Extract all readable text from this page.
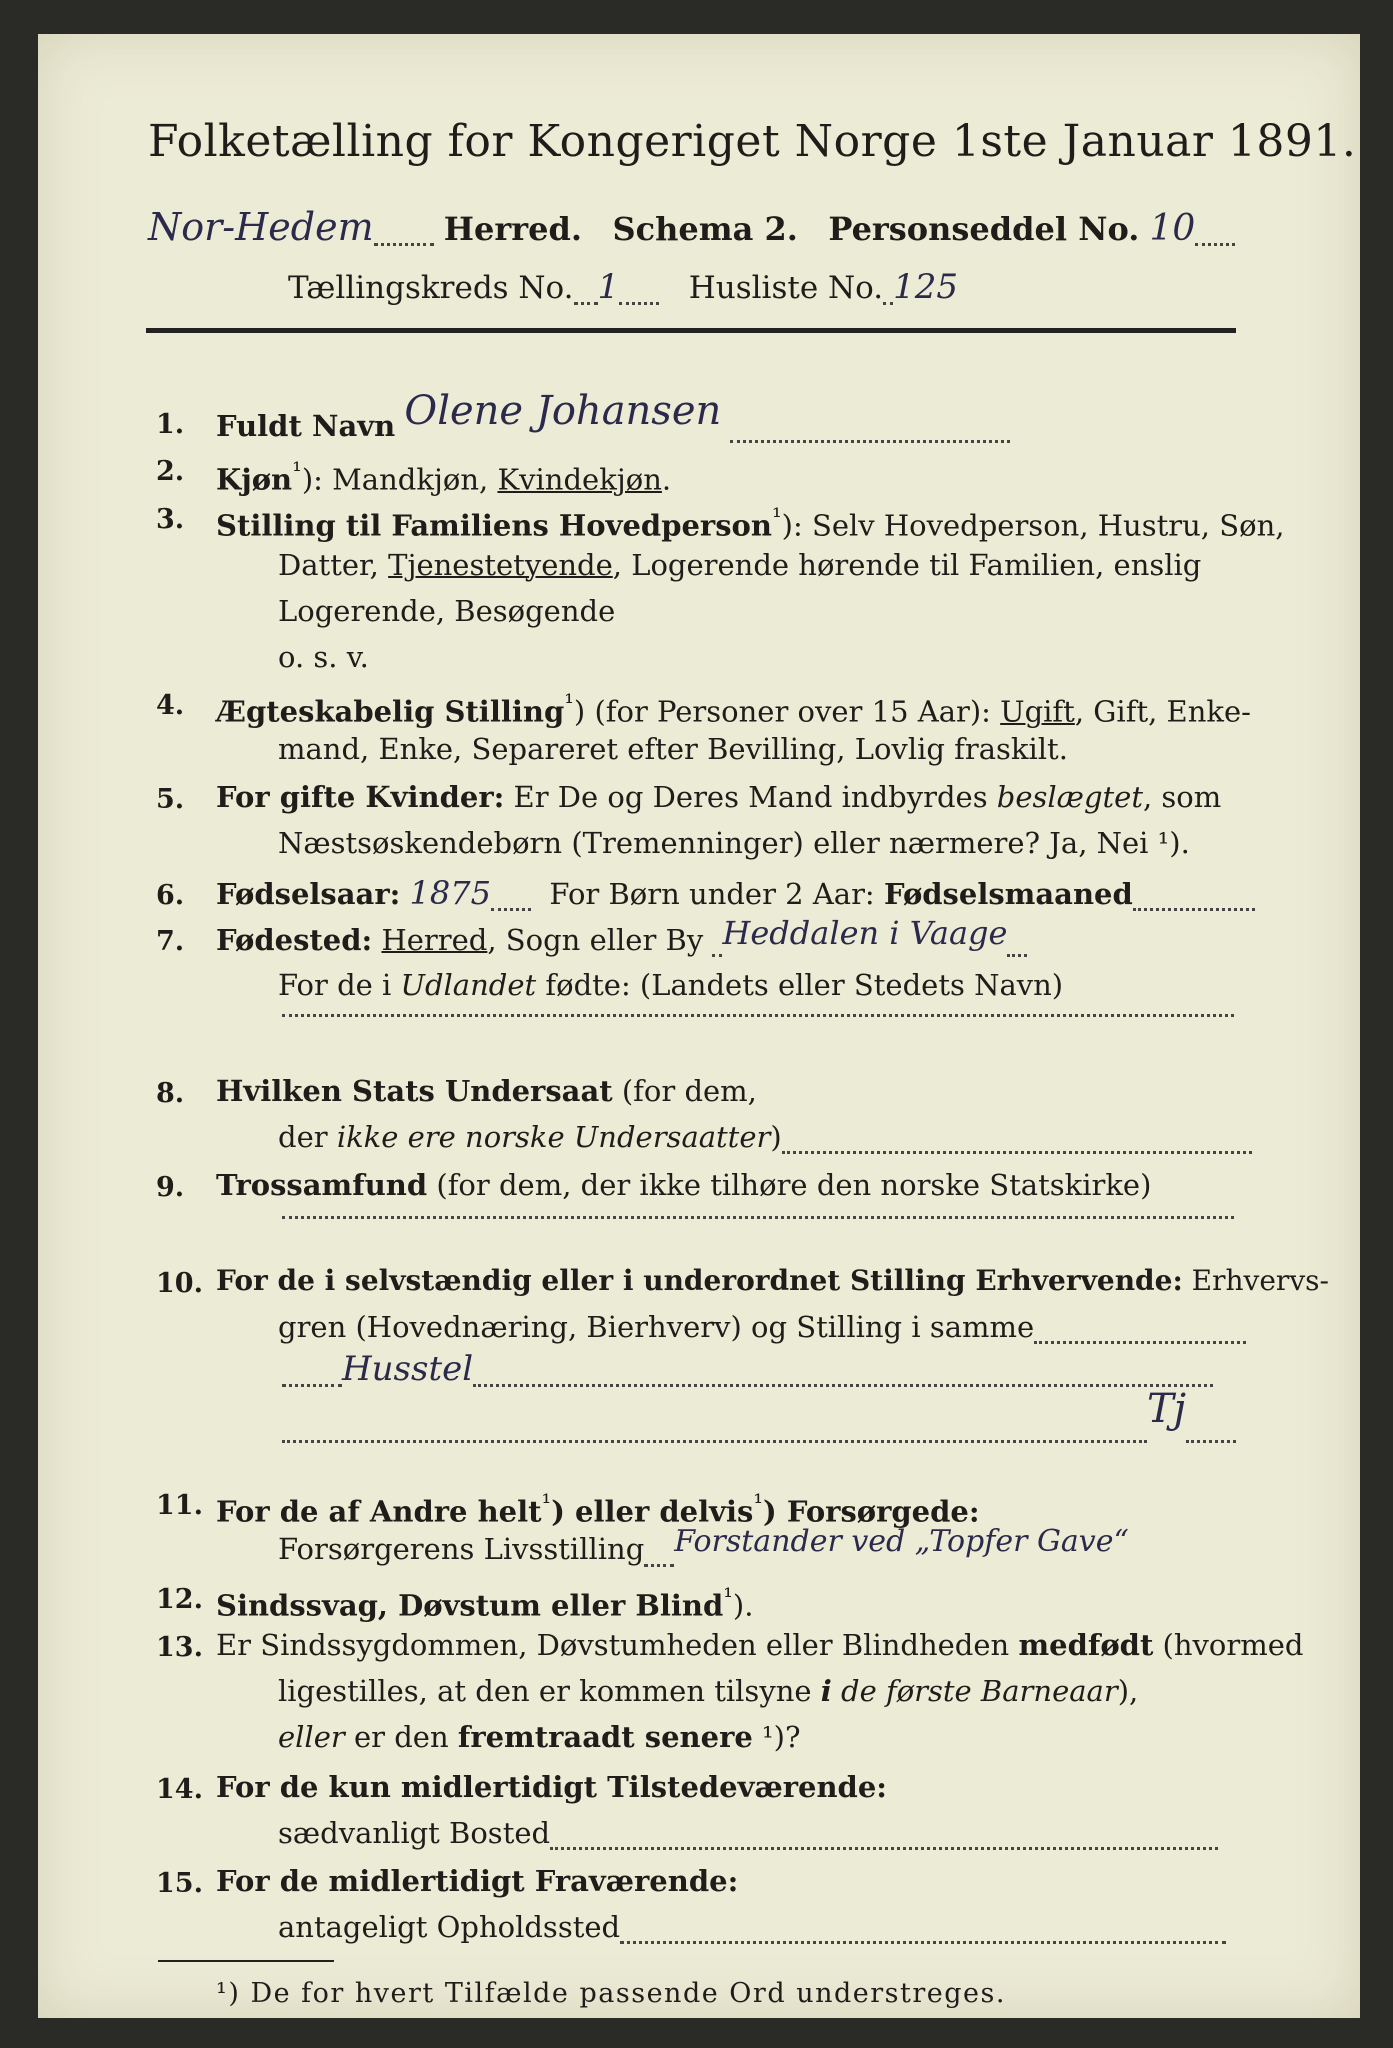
Folketælling for Kongeriget Norge 1ste Januar 1891.
Nor-Hedem Herred. Schema 2. Personseddel No. 10
Tællingskreds No. 1 Husliste No. 125
1. Fuldt Navn Olene Johansen
2. Kjøn$^{^1}$): Mandkjøn, Kvindekjøn.
3. Stilling til Familiens Hovedperson$^{^1}$): Selv Hovedperson, Hustru, Søn,
Datter, Tjenestetyende, Logerende hørende til Familien, enslig
Logerende, Besøgende
o. s. v.
4. Ægteskabelig Stilling$^{^1}$) (for Personer over 15 Aar): Ugift, Gift, Enke-
mand, Enke, Separeret efter Bevilling, Lovlig fraskilt.
5. For gifte Kvinder: Er De og Deres Mand indbyrdes beslægtet, som
Næstsøskendebørn (Tremenninger) eller nærmere? Ja, Nei ¹).
6. Fødselsaar: 1875 For Børn under 2 Aar: Fødselsmaaned
7. Fødested: Herred, Sogn eller By Heddalen i Vaage
For de i Udlandet fødte: (Landets eller Stedets Navn)
8. Hvilken Stats Undersaat (for dem,
der ikke ere norske Undersaatter)
9. Trossamfund (for dem, der ikke tilhøre den norske Statskirke)
10. For de i selvstændig eller i underordnet Stilling Erhvervende: Erhvervs-
gren (Hovednæring, Bierhverv) og Stilling i samme
Husstel
Tj
11. For de af Andre helt$^{^1}$) eller delvis$^{^1}$) Forsørgede:
Forsørgerens Livsstilling Forstander ved „Topfer Gave“
12. Sindssvag, Døvstum eller Blind$^{^1}$).
13. Er Sindssygdommen, Døvstumheden eller Blindheden medfødt (hvormed
ligestilles, at den er kommen tilsyne i de første Barneaar),
eller er den fremtraadt senere ¹)?
14. For de kun midlertidigt Tilstedeværende:
sædvanligt Bosted
15. For de midlertidigt Fraværende:
antageligt Opholdssted
¹) De for hvert Tilfælde passende Ord understreges.
